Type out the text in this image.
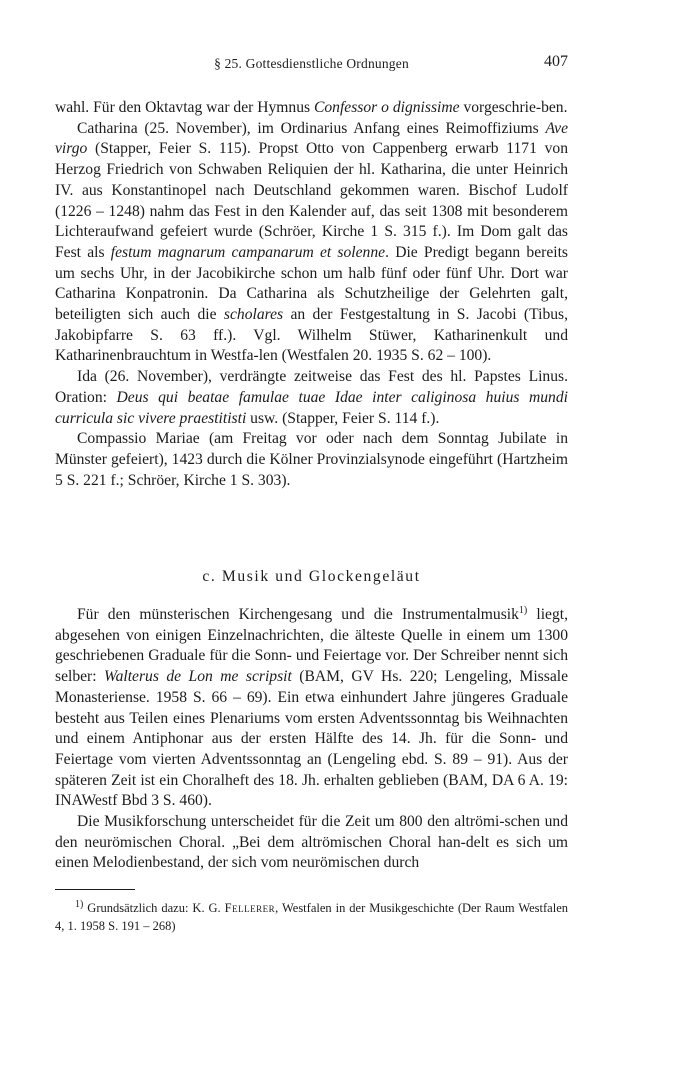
§ 25. Gottesdienstliche Ordnungen	407

wahl. Für den Oktavtag war der Hymnus Confessor o dignissime vorgeschrie-ben.

Catharina (25. November), im Ordinarius Anfang eines Reimoffiziums Ave virgo (Stapper, Feier S. 115). Propst Otto von Cappenberg erwarb 1171 von Herzog Friedrich von Schwaben Reliquien der hl. Katharina, die unter Heinrich IV. aus Konstantinopel nach Deutschland gekommen waren. Bischof Ludolf (1226 – 1248) nahm das Fest in den Kalender auf, das seit 1308 mit besonderem Lichteraufwand gefeiert wurde (Schröer, Kirche 1 S. 315 f.). Im Dom galt das Fest als festum magnarum campanarum et solenne. Die Predigt begann bereits um sechs Uhr, in der Jacobikirche schon um halb fünf oder fünf Uhr. Dort war Catharina Konpatronin. Da Catharina als Schutzheilige der Gelehrten galt, beteiligten sich auch die scholares an der Festgestaltung in S. Jacobi (Tibus, Jakobipfarre S. 63 ff.). Vgl. Wilhelm Stüwer, Katharinenkult und Katharinenbrauchtum in Westfa-len (Westfalen 20. 1935 S. 62 – 100).

Ida (26. November), verdrängte zeitweise das Fest des hl. Papstes Linus. Oration: Deus qui beatae famulae tuae Idae inter caliginosa huius mundi curricula sic vivere praestitisti usw. (Stapper, Feier S. 114 f.).

Compassio Mariae (am Freitag vor oder nach dem Sonntag Jubilate in Münster gefeiert), 1423 durch die Kölner Provinzialsynode eingeführt (Hartzheim 5 S. 221 f.; Schröer, Kirche 1 S. 303).

c. Musik und Glockengeläut

Für den münsterischen Kirchengesang und die Instrumentalmusik$^{1)}$ liegt, abgesehen von einigen Einzelnachrichten, die älteste Quelle in einem um 1300 geschriebenen Graduale für die Sonn- und Feiertage vor. Der Schreiber nennt sich selber: Walterus de Lon me scripsit (BAM, GV Hs. 220; Lengeling, Missale Monasteriense. 1958 S. 66 – 69). Ein etwa einhundert Jahre jüngeres Graduale besteht aus Teilen eines Plenariums vom ersten Adventssonntag bis Weihnachten und einem Antiphonar aus der ersten Hälfte des 14. Jh. für die Sonn- und Feiertage vom vierten Adventssonntag an (Lengeling ebd. S. 89 – 91). Aus der späteren Zeit ist ein Choralheft des 18. Jh. erhalten geblieben (BAM, DA 6 A. 19: INAWestf Bbd 3 S. 460).

Die Musikforschung unterscheidet für die Zeit um 800 den altrömi-schen und den neurömischen Choral. „Bei dem altrömischen Choral han-delt es sich um einen Melodienbestand, der sich vom neurömischen durch

$^{1)}$ Grundsätzlich dazu: K. G. Fellerer, Westfalen in der Musikgeschichte (Der Raum Westfalen 4, 1. 1958 S. 191 – 268)
